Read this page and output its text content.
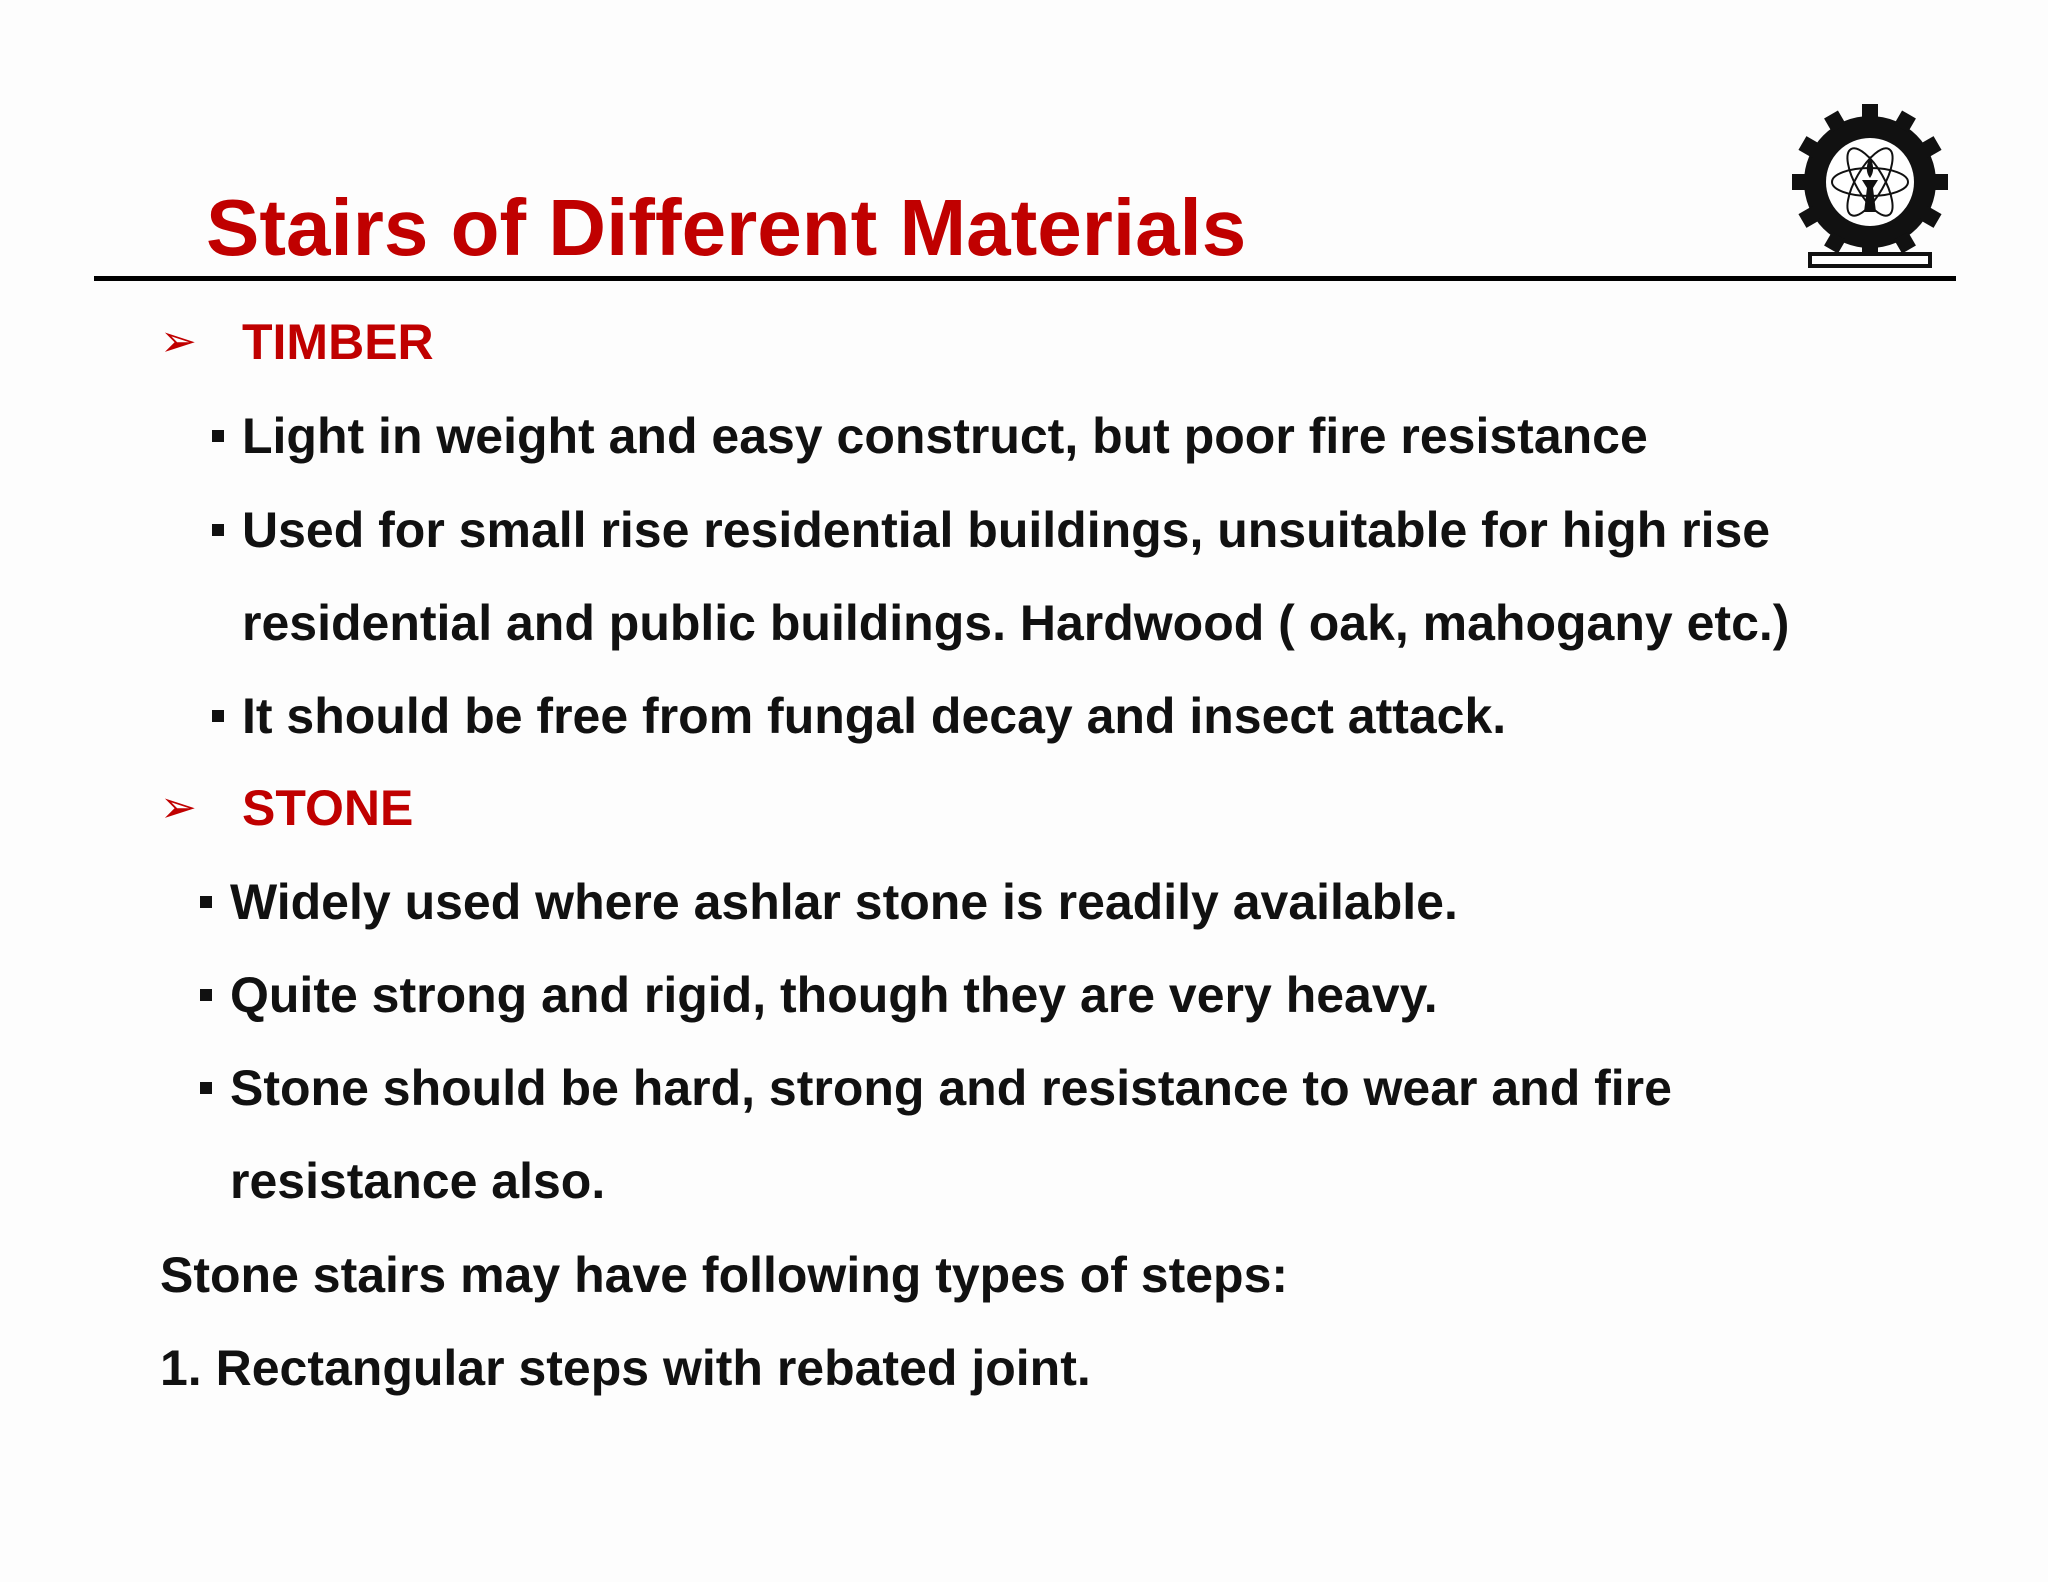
Stairs of Different Materials
➢ TIMBER
Light in weight and easy construct, but poor fire resistance
Used for small rise residential buildings, unsuitable for high rise
residential and public buildings. Hardwood ( oak, mahogany etc.)
It should be free from fungal decay and insect attack.
➢ STONE
Widely used where ashlar stone is readily available.
Quite strong and rigid, though they are very heavy.
Stone should be hard, strong and resistance to wear and fire
resistance also.
Stone stairs may have following types of steps:
1. Rectangular steps with rebated joint.
